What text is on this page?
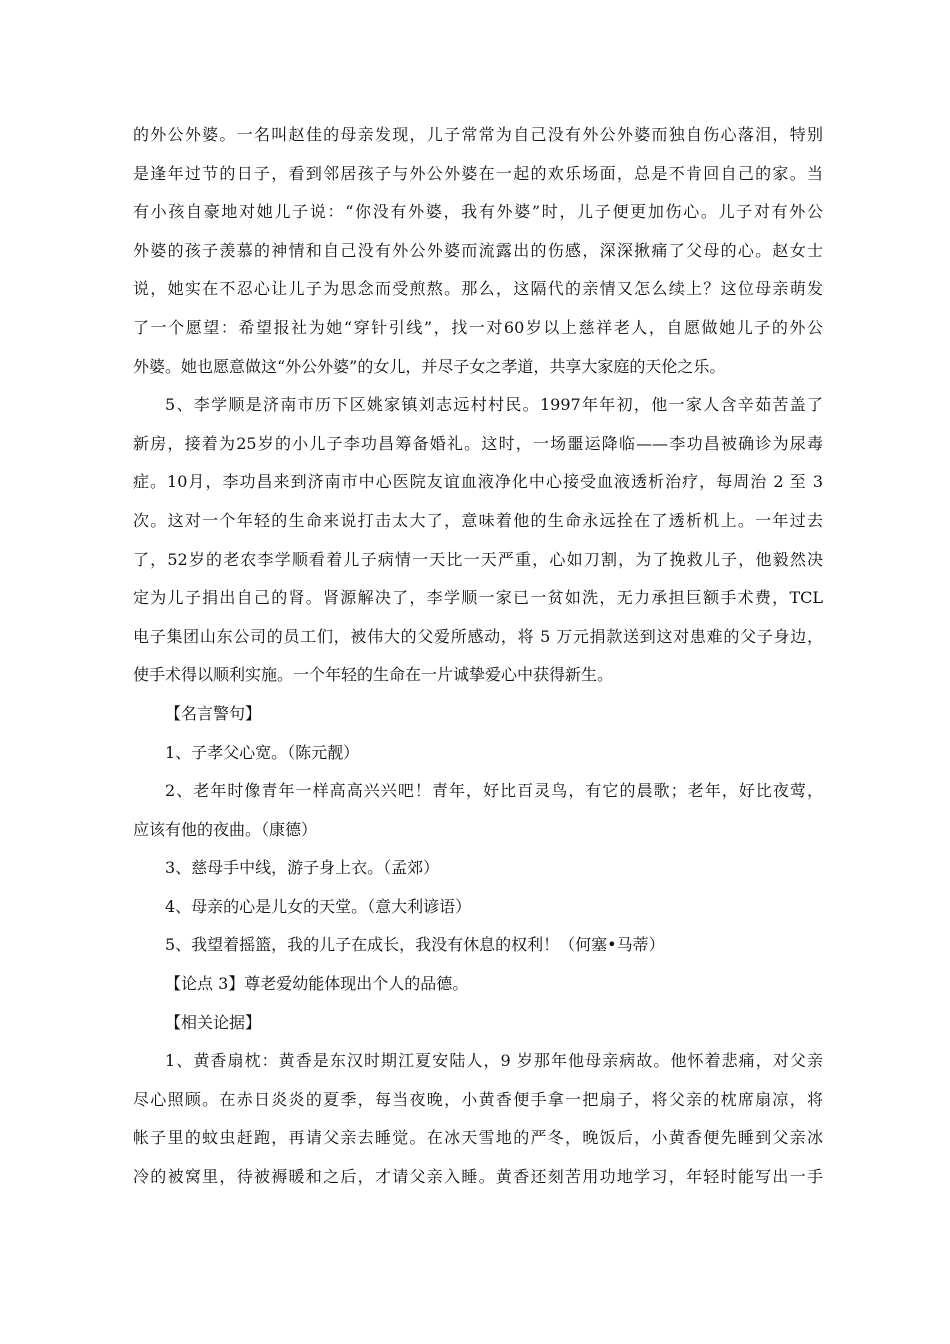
的外公外婆。一名叫赵佳的母亲发现，儿子常常为自己没有外公外婆而独自伤心落泪，特别
是逢年过节的日子，看到邻居孩子与外公外婆在一起的欢乐场面，总是不肯回自己的家。当
有小孩自豪地对她儿子说：“你没有外婆，我有外婆”时，儿子便更加伤心。儿子对有外公
外婆的孩子羡慕的神情和自己没有外公外婆而流露出的伤感，深深揪痛了父母的心。赵女士
说，她实在不忍心让儿子为思念而受煎熬。那么，这隔代的亲情又怎么续上？这位母亲萌发
了一个愿望：希望报社为她“穿针引线”，找一对60岁以上慈祥老人，自愿做她儿子的外公
外婆。她也愿意做这“外公外婆”的女儿，并尽子女之孝道，共享大家庭的天伦之乐。
5、李学顺是济南市历下区姚家镇刘志远村村民。1997年年初，他一家人含辛茹苦盖了
新房，接着为25岁的小儿子李功昌筹备婚礼。这时，一场噩运降临——李功昌被确诊为尿毒
症。10月，李功昌来到济南市中心医院友谊血液净化中心接受血液透析治疗，每周治 2 至 3
次。这对一个年轻的生命来说打击太大了，意味着他的生命永远拴在了透析机上。一年过去
了，52岁的老农李学顺看着儿子病情一天比一天严重，心如刀割，为了挽救儿子，他毅然决
定为儿子捐出自己的肾。肾源解决了，李学顺一家已一贫如洗，无力承担巨额手术费，TCL
电子集团山东公司的员工们，被伟大的父爱所感动，将 5 万元捐款送到这对患难的父子身边，
使手术得以顺利实施。一个年轻的生命在一片诚挚爱心中获得新生。
【名言警句】
1、子孝父心宽。（陈元靓）
2、老年时像青年一样高高兴兴吧！青年，好比百灵鸟，有它的晨歌；老年，好比夜莺，
应该有他的夜曲。（康德）
3、慈母手中线，游子身上衣。（孟郊）
4、母亲的心是儿女的天堂。（意大利谚语）
5、我望着摇篮，我的儿子在成长，我没有休息的权利！（何塞•马蒂）
【论点 3】尊老爱幼能体现出个人的品德。
【相关论据】
1、黄香扇枕：黄香是东汉时期江夏安陆人，9 岁那年他母亲病故。他怀着悲痛，对父亲
尽心照顾。在赤日炎炎的夏季，每当夜晚，小黄香便手拿一把扇子，将父亲的枕席扇凉，将
帐子里的蚊虫赶跑，再请父亲去睡觉。在冰天雪地的严冬，晚饭后，小黄香便先睡到父亲冰
冷的被窝里，待被褥暖和之后，才请父亲入睡。黄香还刻苦用功地学习，年轻时能写出一手
